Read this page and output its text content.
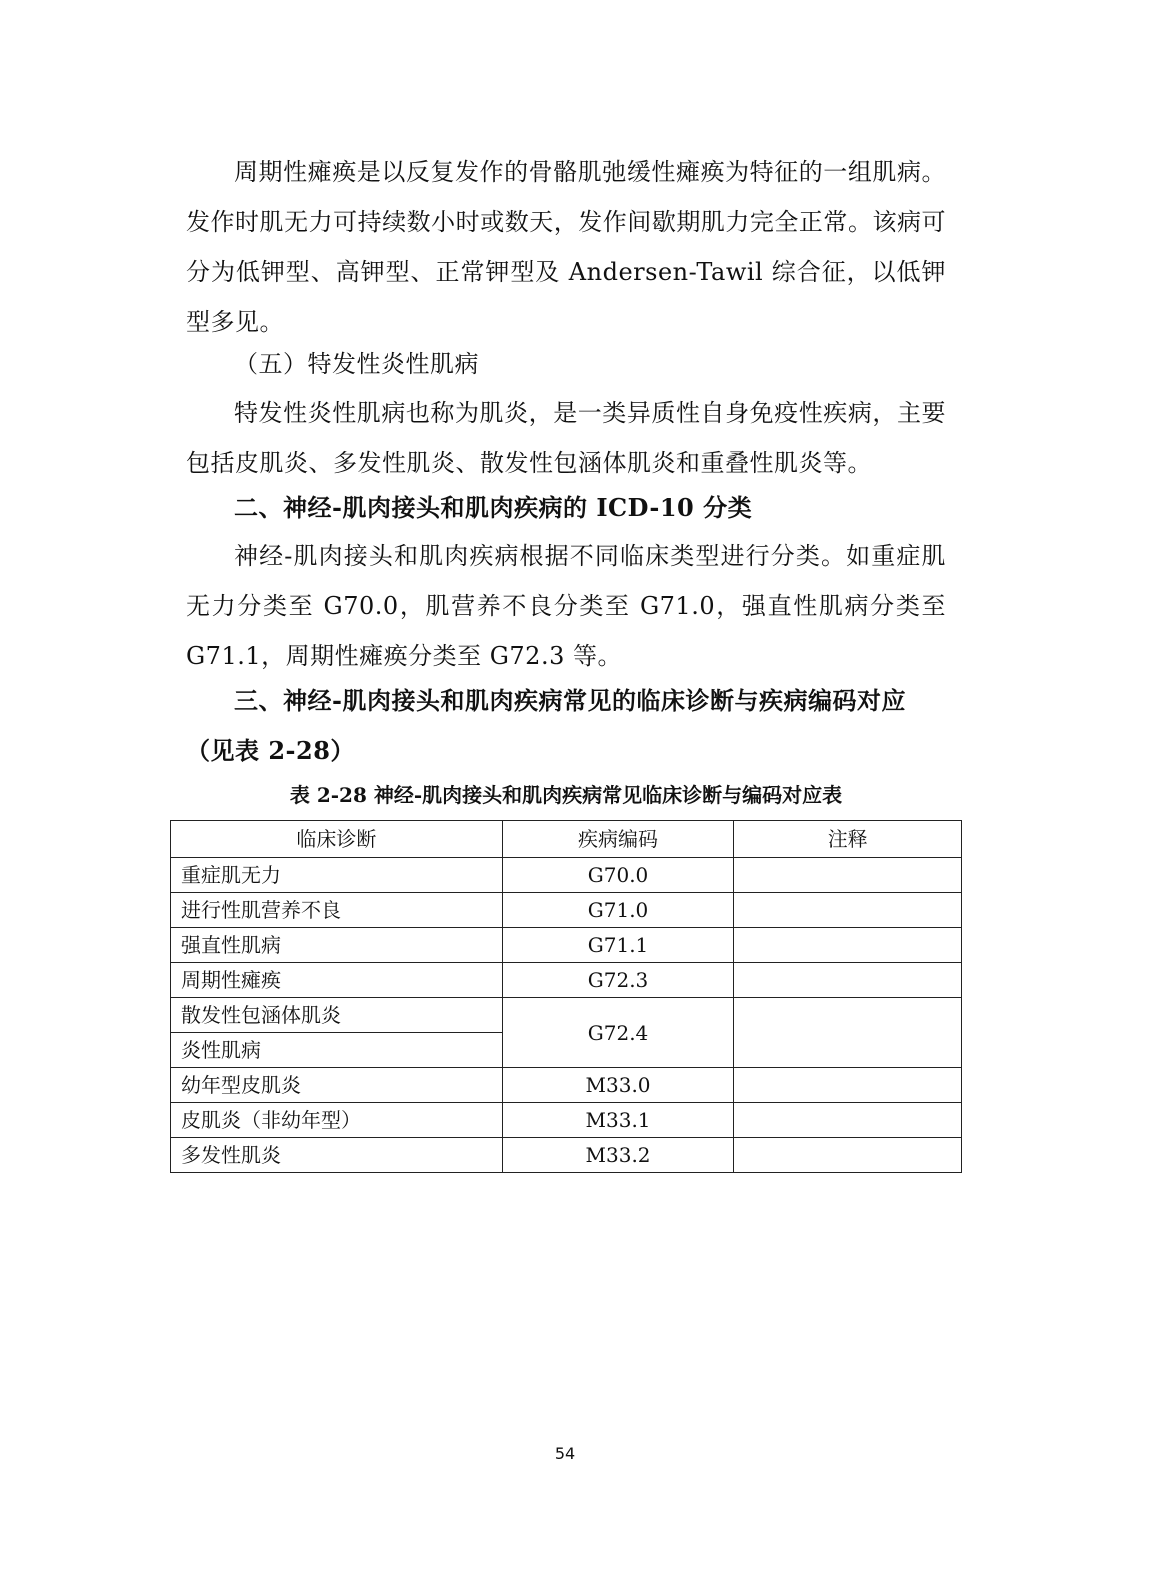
周期性瘫痪是以反复发作的骨骼肌弛缓性瘫痪为特征的一组肌病。发作时肌无力可持续数小时或数天，发作间歇期肌力完全正常。该病可分为低钾型、高钾型、正常钾型及 Andersen-Tawil 综合征，以低钾型多见。

（五）特发性炎性肌病

特发性炎性肌病也称为肌炎，是一类异质性自身免疫性疾病，主要包括皮肌炎、多发性肌炎、散发性包涵体肌炎和重叠性肌炎等。

二、神经-肌肉接头和肌肉疾病的 ICD-10 分类

神经-肌肉接头和肌肉疾病根据不同临床类型进行分类。如重症肌无力分类至 G70.0，肌营养不良分类至 G71.0，强直性肌病分类至 G71.1，周期性瘫痪分类至 G72.3 等。

三、神经-肌肉接头和肌肉疾病常见的临床诊断与疾病编码对应（见表 2-28）

表 2-28 神经-肌肉接头和肌肉疾病常见临床诊断与编码对应表
临床诊断	疾病编码	注释
重症肌无力	G70.0	
进行性肌营养不良	G71.0	
强直性肌病	G71.1	
周期性瘫痪	G72.3	
散发性包涵体肌炎	G72.4	
炎性肌病		
幼年型皮肌炎	M33.0	
皮肌炎（非幼年型）	M33.1	
多发性肌炎	M33.2	
54
